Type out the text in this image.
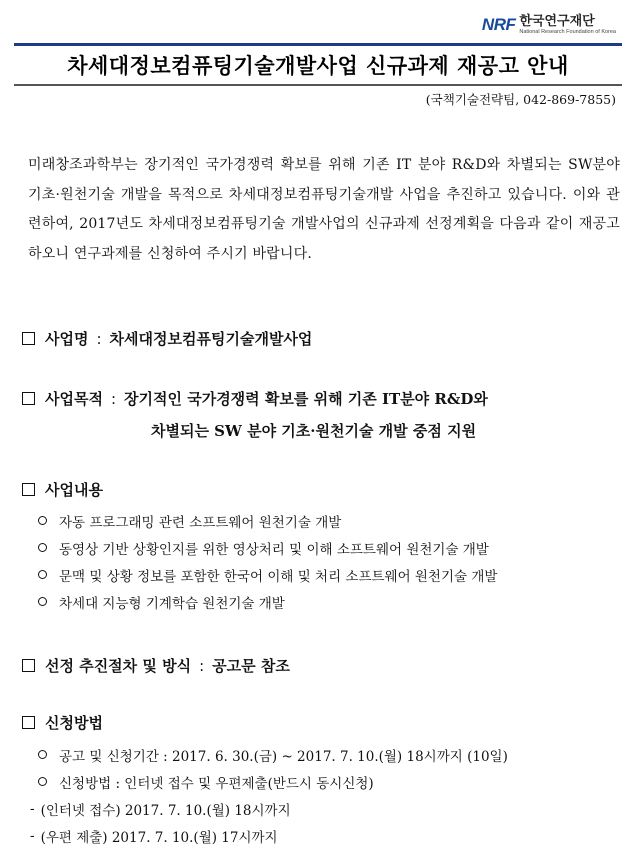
NRF 한국연구재단
National Research Foundation of Korea
차세대정보컴퓨팅기술개발사업 신규과제 재공고 안내
(국책기술전략팀, 042-869-7855)
미래창조과학부는 장기적인 국가경쟁력 확보를 위해 기존 IT 분야 R&D와 차별되는 SW분야 기초·원천기술 개발을 목적으로 차세대정보컴퓨팅기술개발 사업을 추진하고 있습니다. 이와 관련하여, 2017년도 차세대정보컴퓨팅기술 개발사업의 신규과제 선정계획을 다음과 같이 재공고 하오니 연구과제를 신청하여 주시기 바랍니다.
사업명 : 차세대정보컴퓨팅기술개발사업
사업목적 : 장기적인 국가경쟁력 확보를 위해 기존 IT분야 R&D와
차별되는 SW 분야 기초·원천기술 개발 중점 지원
사업내용
자동 프로그래밍 관련 소프트웨어 원천기술 개발
동영상 기반 상황인지를 위한 영상처리 및 이해 소프트웨어 원천기술 개발
문맥 및 상황 정보를 포함한 한국어 이해 및 처리 소프트웨어 원천기술 개발
차세대 지능형 기계학습 원천기술 개발
선정 추진절차 및 방식 : 공고문 참조
신청방법
공고 및 신청기간 : 2017. 6. 30.(금) ~ 2017. 7. 10.(월) 18시까지 (10일)
신청방법 : 인터넷 접수 및 우편제출(반드시 동시신청)
- (인터넷 접수) 2017. 7. 10.(월) 18시까지
- (우편 제출) 2017. 7. 10.(월) 17시까지
